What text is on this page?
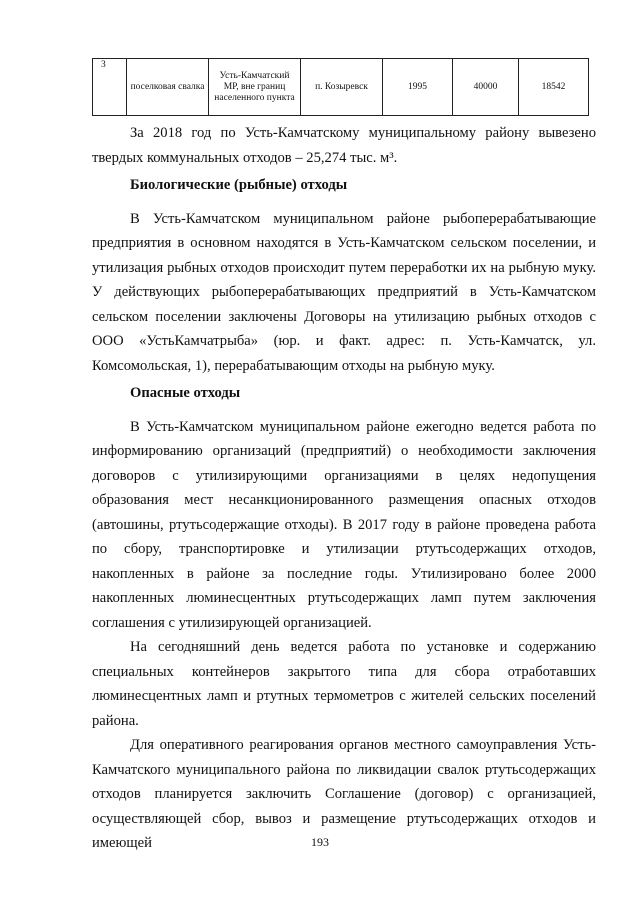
3	поселковая свалка	Усть-Камчатский МР, вне границ населенного пункта	п. Козыревск	1995	40000	18542

За 2018 год по Усть-Камчатскому муниципальному району вывезено твердых коммунальных отходов – 25,274 тыс. м³.

Биологические (рыбные) отходы

В Усть-Камчатском муниципальном районе рыбоперерабатывающие предприятия в основном находятся в Усть-Камчатском сельском поселении, и утилизация рыбных отходов происходит путем переработки их на рыбную муку. У действующих рыбоперерабатывающих предприятий в Усть-Камчатском сельском поселении заключены Договоры на утилизацию рыбных отходов с ООО «УстьКамчатрыба» (юр. и факт. адрес: п. Усть-Камчатск, ул. Комсомольская, 1), перерабатывающим отходы на рыбную муку.

Опасные отходы

В Усть-Камчатском муниципальном районе ежегодно ведется работа по информированию организаций (предприятий) о необходимости заключения договоров с утилизирующими организациями в целях недопущения образования мест несанкционированного размещения опасных отходов (автошины, ртутьсодержащие отходы). В 2017 году в районе проведена работа по сбору, транспортировке и утилизации ртутьсодержащих отходов, накопленных в районе за последние годы. Утилизировано более 2000 накопленных люминесцентных ртутьсодержащих ламп путем заключения соглашения с утилизирующей организацией.

На сегодняшний день ведется работа по установке и содержанию специальных контейнеров закрытого типа для сбора отработавших люминесцентных ламп и ртутных термометров с жителей сельских поселений района.

Для оперативного реагирования органов местного самоуправления Усть-Камчатского муниципального района по ликвидации свалок ртутьсодержащих отходов планируется заключить Соглашение (договор) с организацией, осуществляющей сбор, вывоз и размещение ртутьсодержащих отходов и имеющей	193
